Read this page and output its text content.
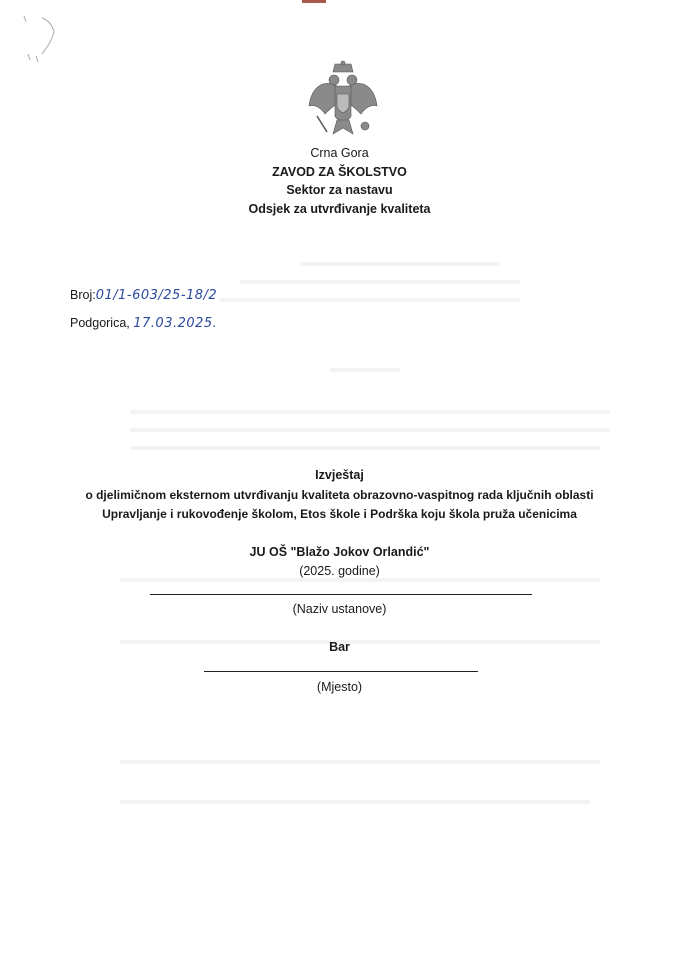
Crna Gora
ZAVOD ZA ŠKOLSTVO
Sektor za nastavu
Odsjek za utvrđivanje kvaliteta
Broj:01/1-603/25-18/2
Podgorica, 17.03.2025.
Izvještaj
o djelimičnom eksternom utvrđivanju kvaliteta obrazovno-vaspitnog rada ključnih oblasti
Upravljanje i rukovođenje školom, Etos škole i Podrška koju škola pruža učenicima
JU OŠ "Blažo Jokov Orlandić"
(2025. godine)
(Naziv ustanove)
Bar
(Mjesto)
